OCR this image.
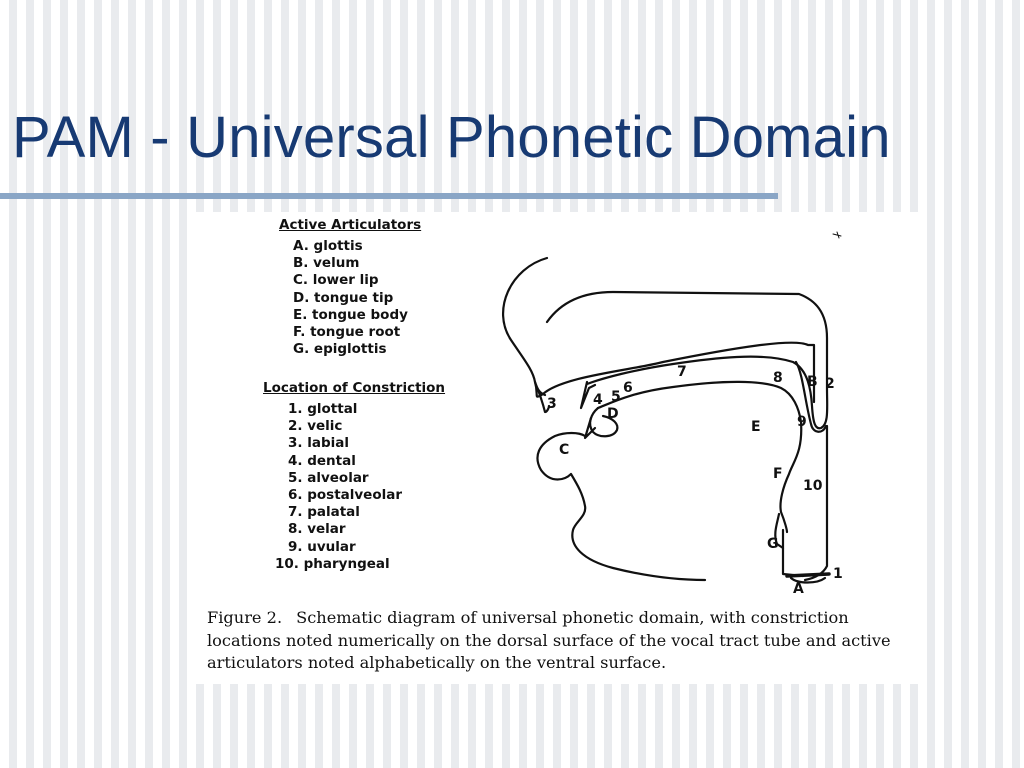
PAM - Universal Phonetic Domain
Active Articulators
A. glottis
B. velum
C. lower lip
D. tongue tip
E. tongue body
F. tongue root
G. epiglottis
Location of Constriction
1. glottal
2. velic
3. labial
4. dental
5. alveolar
6. postalveolar
7. palatal
8. velar
9. uvular
10. pharyngeal
2
B
8
7
6
5
4
3
D	9
E
C
F
10
G
1
A
Figure 2. Schematic diagram of universal phonetic domain, with constriction locations noted numerically on the dorsal surface of the vocal tract tube and active articulators noted alphabetically on the ventral surface.
